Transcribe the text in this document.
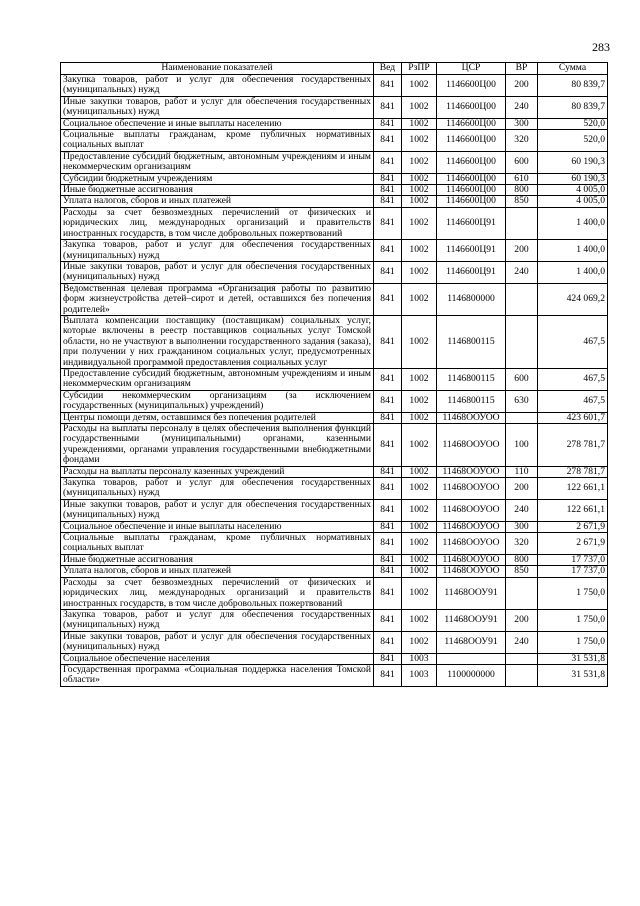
283
Наименование показателей	Вед	РзПР	ЦСР	ВР	Сумма
Закупка товаров, работ и услуг для обеспечения государственных (муниципальных) нужд	841	1002	1146600Ц00	200	80 839,7
Иные закупки товаров, работ и услуг для обеспечения государственных (муниципальных) нужд	841	1002	1146600Ц00	240	80 839,7
Социальное обеспечение и иные выплаты населению	841	1002	1146600Ц00	300	520,0
Социальные выплаты гражданам, кроме публичных нормативных социальных выплат	841	1002	1146600Ц00	320	520,0
Предоставление субсидий бюджетным, автономным учреждениям и иным некоммерческим организациям	841	1002	1146600Ц00	600	60 190,3
Субсидии бюджетным учреждениям	841	1002	1146600Ц00	610	60 190,3
Иные бюджетные ассигнования	841	1002	1146600Ц00	800	4 005,0
Уплата налогов, сборов и иных платежей	841	1002	1146600Ц00	850	4 005,0
Расходы за счет безвозмездных перечислений от физических и юридических лиц, международных организаций и правительств иностранных государств, в том числе добровольных пожертвований	841	1002	1146600Ц91		1 400,0
Закупка товаров, работ и услуг для обеспечения государственных (муниципальных) нужд	841	1002	1146600Ц91	200	1 400,0
Иные закупки товаров, работ и услуг для обеспечения государственных (муниципальных) нужд	841	1002	1146600Ц91	240	1 400,0
Ведомственная целевая программа «Организация работы по развитию форм жизнеустройства детей–сирот и детей, оставшихся без попечения родителей»	841	1002	1146800000		424 069,2
Выплата компенсации поставщику (поставщикам) социальных услуг, которые включены в реестр поставщиков социальных услуг Томской области, но не участвуют в выполнении государственного задания (заказа), при получении у них гражданином социальных услуг, предусмотренных индивидуальной программой предоставления социальных услуг	841	1002	1146800115		467,5
Предоставление субсидий бюджетным, автономным учреждениям и иным некоммерческим организациям	841	1002	1146800115	600	467,5
Субсидии некоммерческим организациям (за исключением государственных (муниципальных) учреждений)	841	1002	1146800115	630	467,5
Центры помощи детям, оставшимся без попечения родителей	841	1002	11468ООУОО		423 601,7
Расходы на выплаты персоналу в целях обеспечения выполнения функций государственными (муниципальными) органами, казенными учреждениями, органами управления государственными внебюджетными фондами	841	1002	11468ООУОО	100	278 781,7
Расходы на выплаты персоналу казенных учреждений	841	1002	11468ООУОО	110	278 781,7
Закупка товаров, работ и услуг для обеспечения государственных (муниципальных) нужд	841	1002	11468ООУОО	200	122 661,1
Иные закупки товаров, работ и услуг для обеспечения государственных (муниципальных) нужд	841	1002	11468ООУОО	240	122 661,1
Социальное обеспечение и иные выплаты населению	841	1002	11468ООУОО	300	2 671,9
Социальные выплаты гражданам, кроме публичных нормативных социальных выплат	841	1002	11468ООУОО	320	2 671,9
Иные бюджетные ассигнования	841	1002	11468ООУОО	800	17 737,0
Уплата налогов, сборов и иных платежей	841	1002	11468ООУОО	850	17 737,0
Расходы за счет безвозмездных перечислений от физических и юридических лиц, международных организаций и правительств иностранных государств, в том числе добровольных пожертвований	841	1002	11468ООУ91		1 750,0
Закупка товаров, работ и услуг для обеспечения государственных (муниципальных) нужд	841	1002	11468ООУ91	200	1 750,0
Иные закупки товаров, работ и услуг для обеспечения государственных (муниципальных) нужд	841	1002	11468ООУ91	240	1 750,0
Социальное обеспечение населения	841	1003			31 531,8
Государственная программа «Социальная поддержка населения Томской области»	841	1003	1100000000		31 531,8
